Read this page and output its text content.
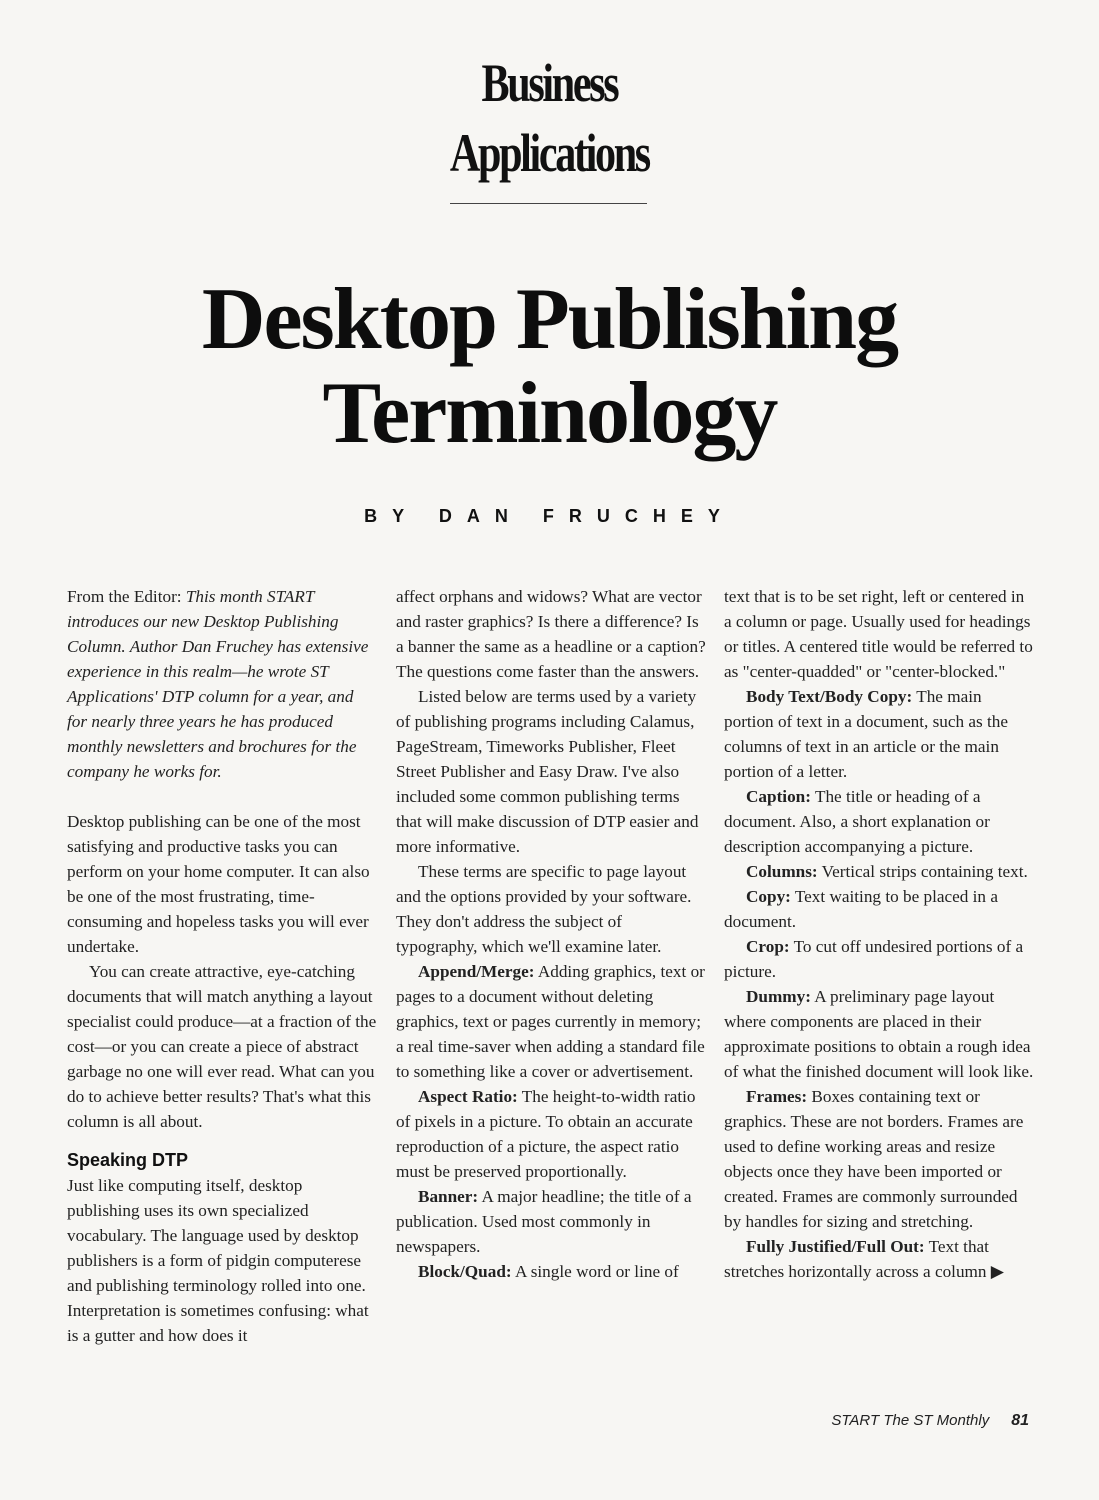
Business
Applications
Desktop Publishing
Terminology
BY DAN FRUCHEY

From the Editor: This month START introduces our new Desktop Publishing Column. Author Dan Fruchey has extensive experience in this realm—he wrote ST Applications' DTP column for a year, and for nearly three years he has produced monthly newsletters and brochures for the company he works for.

Desktop publishing can be one of the most satisfying and productive tasks you can perform on your home computer. It can also be one of the most frustrating, time-consuming and hopeless tasks you will ever undertake.

You can create attractive, eye-catching documents that will match anything a layout specialist could produce—at a fraction of the cost—or you can create a piece of abstract garbage no one will ever read. What can you do to achieve better results? That's what this column is all about.

Speaking DTP

Just like computing itself, desktop publishing uses its own specialized vocabulary. The language used by desktop publishers is a form of pidgin computerese and publishing terminology rolled into one. Interpretation is sometimes confusing: what is a gutter and how does it

affect orphans and widows? What are vector and raster graphics? Is there a difference? Is a banner the same as a headline or a caption? The questions come faster than the answers.

Listed below are terms used by a variety of publishing programs including Calamus, PageStream, Timeworks Publisher, Fleet Street Publisher and Easy Draw. I've also included some common publishing terms that will make discussion of DTP easier and more informative.

These terms are specific to page layout and the options provided by your software. They don't address the subject of typography, which we'll examine later.

Append/Merge: Adding graphics, text or pages to a document without deleting graphics, text or pages currently in memory; a real time-saver when adding a standard file to something like a cover or advertisement.

Aspect Ratio: The height-to-width ratio of pixels in a picture. To obtain an accurate reproduction of a picture, the aspect ratio must be preserved proportionally.

Banner: A major headline; the title of a publication. Used most commonly in newspapers.

Block/Quad: A single word or line of

text that is to be set right, left or centered in a column or page. Usually used for headings or titles. A centered title would be referred to as "center-quadded" or "center-blocked."

Body Text/Body Copy: The main portion of text in a document, such as the columns of text in an article or the main portion of a letter.

Caption: The title or heading of a document. Also, a short explanation or description accompanying a picture.

Columns: Vertical strips containing text.

Copy: Text waiting to be placed in a document.

Crop: To cut off undesired portions of a picture.

Dummy: A preliminary page layout where components are placed in their approximate positions to obtain a rough idea of what the finished document will look like.

Frames: Boxes containing text or graphics. These are not borders. Frames are used to define working areas and resize objects once they have been imported or created. Frames are commonly surrounded by handles for sizing and stretching.

Fully Justified/Full Out: Text that stretches horizontally across a column ▶

START The ST Monthly 81
